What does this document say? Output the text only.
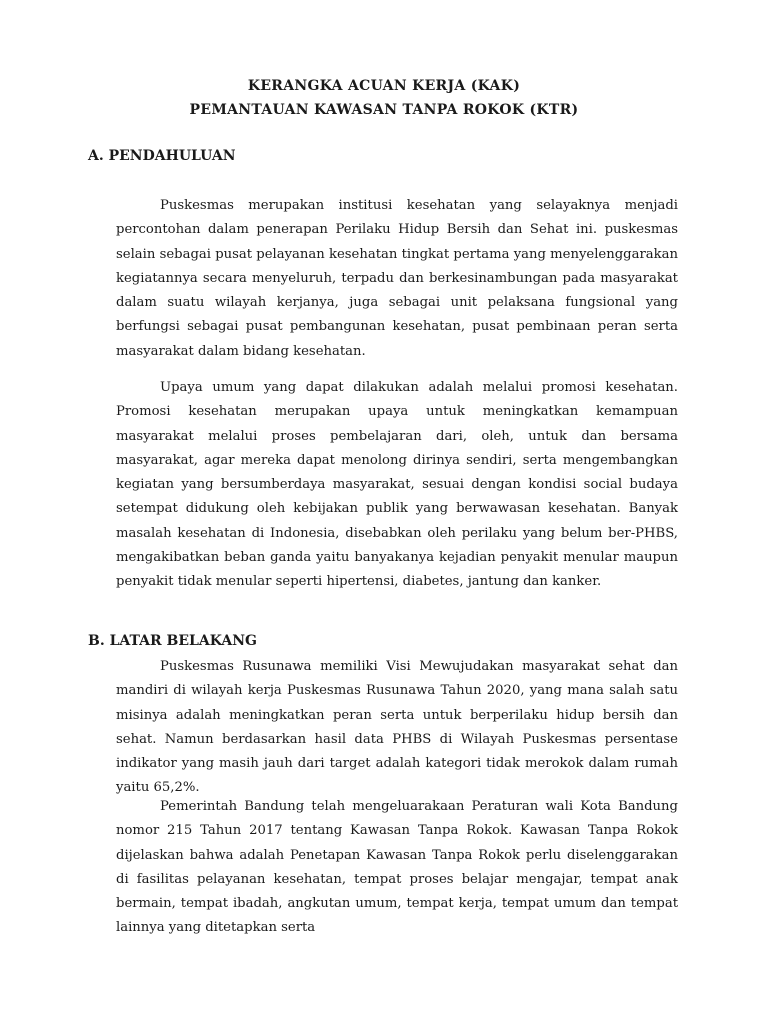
KERANGKA ACUAN KERJA (KAK)
PEMANTAUAN KAWASAN TANPA ROKOK (KTR)
A. PENDAHULUAN

Puskesmas merupakan institusi kesehatan yang selayaknya menjadi percontohan dalam penerapan Perilaku Hidup Bersih dan Sehat ini. puskesmas selain sebagai pusat pelayanan kesehatan tingkat pertama yang menyelenggarakan kegiatannya secara menyeluruh, terpadu dan berkesinambungan pada masyarakat dalam suatu wilayah kerjanya, juga sebagai unit pelaksana fungsional yang berfungsi sebagai pusat pembangunan kesehatan, pusat pembinaan peran serta masyarakat dalam bidang kesehatan.

Upaya umum yang dapat dilakukan adalah melalui promosi kesehatan. Promosi kesehatan merupakan upaya untuk meningkatkan kemampuan masyarakat melalui proses pembelajaran dari, oleh, untuk dan bersama masyarakat, agar mereka dapat menolong dirinya sendiri, serta mengembangkan kegiatan yang bersumberdaya masyarakat, sesuai dengan kondisi social budaya setempat didukung oleh kebijakan publik yang berwawasan kesehatan. Banyak masalah kesehatan di Indonesia, disebabkan oleh perilaku yang belum ber-PHBS, mengakibatkan beban ganda yaitu banyakanya kejadian penyakit menular maupun penyakit tidak menular seperti hipertensi, diabetes, jantung dan kanker.

B. LATAR BELAKANG

Puskesmas Rusunawa memiliki Visi Mewujudakan masyarakat sehat dan mandiri di wilayah kerja Puskesmas Rusunawa Tahun 2020, yang mana salah satu misinya adalah meningkatkan peran serta untuk berperilaku hidup bersih dan sehat. Namun berdasarkan hasil data PHBS di Wilayah Puskesmas persentase indikator yang masih jauh dari target adalah kategori tidak merokok dalam rumah yaitu 65,2%.

Pemerintah Bandung telah mengeluarakaan Peraturan wali Kota Bandung nomor 215 Tahun 2017 tentang Kawasan Tanpa Rokok. Kawasan Tanpa Rokok dijelaskan bahwa adalah Penetapan Kawasan Tanpa Rokok perlu diselenggarakan di fasilitas pelayanan kesehatan, tempat proses belajar mengajar, tempat anak bermain, tempat ibadah, angkutan umum, tempat kerja, tempat umum dan tempat lainnya yang ditetapkan serta
